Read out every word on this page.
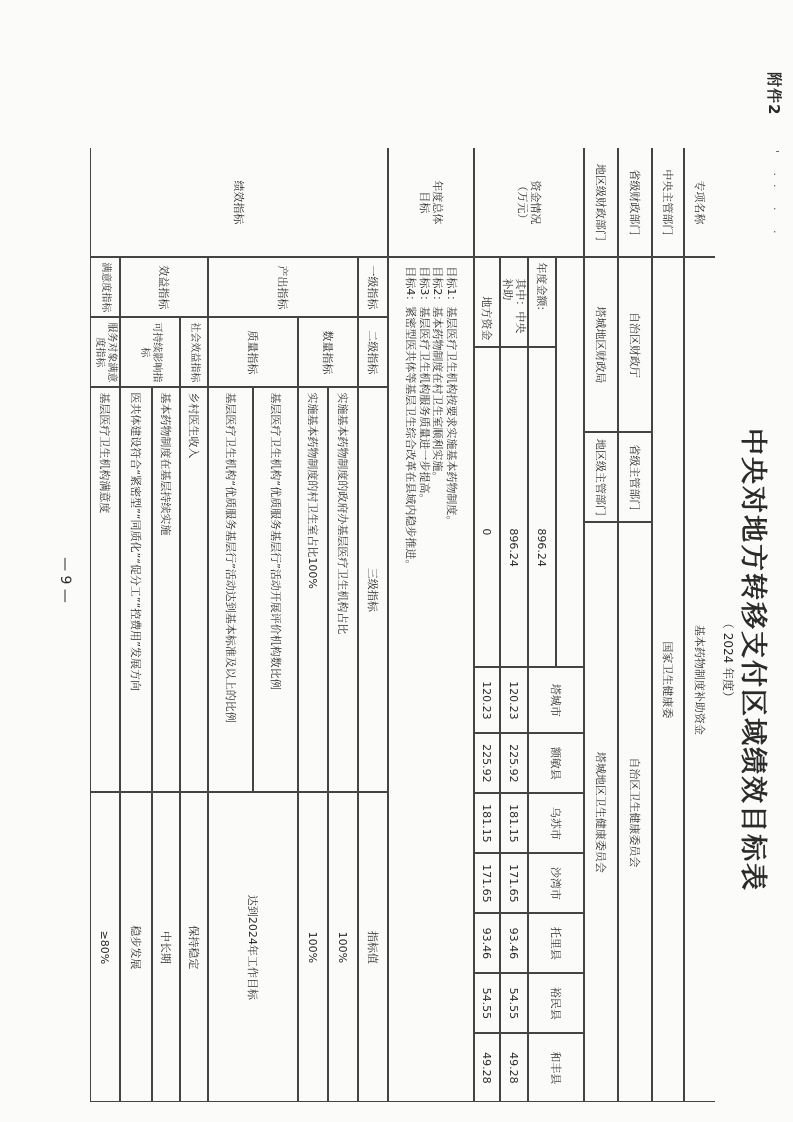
附件2
' ·· · ·
中央对地方转移支付区域绩效目标表
（ 2024 年度）
专项名称
基本药物制度补助资金
中央主管部门
国家卫生健康委
省级财政部门
自治区财政厅
省级主管部门
自治区卫生健康委员会
地区级财政部门
塔城地区财政局
地区级主管部门
塔城地区卫生健康委员会
资金情况（万元）
年度金额:
896.24
其中：中央补助
896.24
地方资金
0
塔城市
额敏县
乌苏市
沙湾市
托里县
裕民县
和丰县
120.23
225.92
181.15
171.65
93.46
54.55
49.28
120.23
225.92
181.15
171.65
93.46
54.55
49.28
年度总体目标
目标1：基层医疗卫生机构按要求实施基本药物制度。
目标2：基本药物制度在村卫生室顺利实施。
目标3：基层医疗卫生机构服务质量进一步提高。
目标4：紧密型医共体等基层卫生综合改革在县域内稳步推进。
绩效指标
一级指标
二级指标
三级指标
指标值
产出指标
效益指标
满意度指标
数量指标
质量指标
社会效益指标
可持续影响指标
服务对象满意度指标
实施基本药物制度的政府办基层医疗卫生机构占比
100%
实施基本药物制度的村卫生室占比100%
100%
基层医疗卫生机构“优质服务基层行”活动开展评价机构数比例
达到2024年工作目标
基层医疗卫生机构“优质服务基层行”活动达到基本标准及以上的比例
乡村医生收入
保持稳定
基本药物制度在基层持续实施
中长期
医共体建设符合“紧密型”“同质化”“促分工”“控费用”发展方向
稳步发展
基层医疗卫生机构满意度
≥80%
— 9 —
